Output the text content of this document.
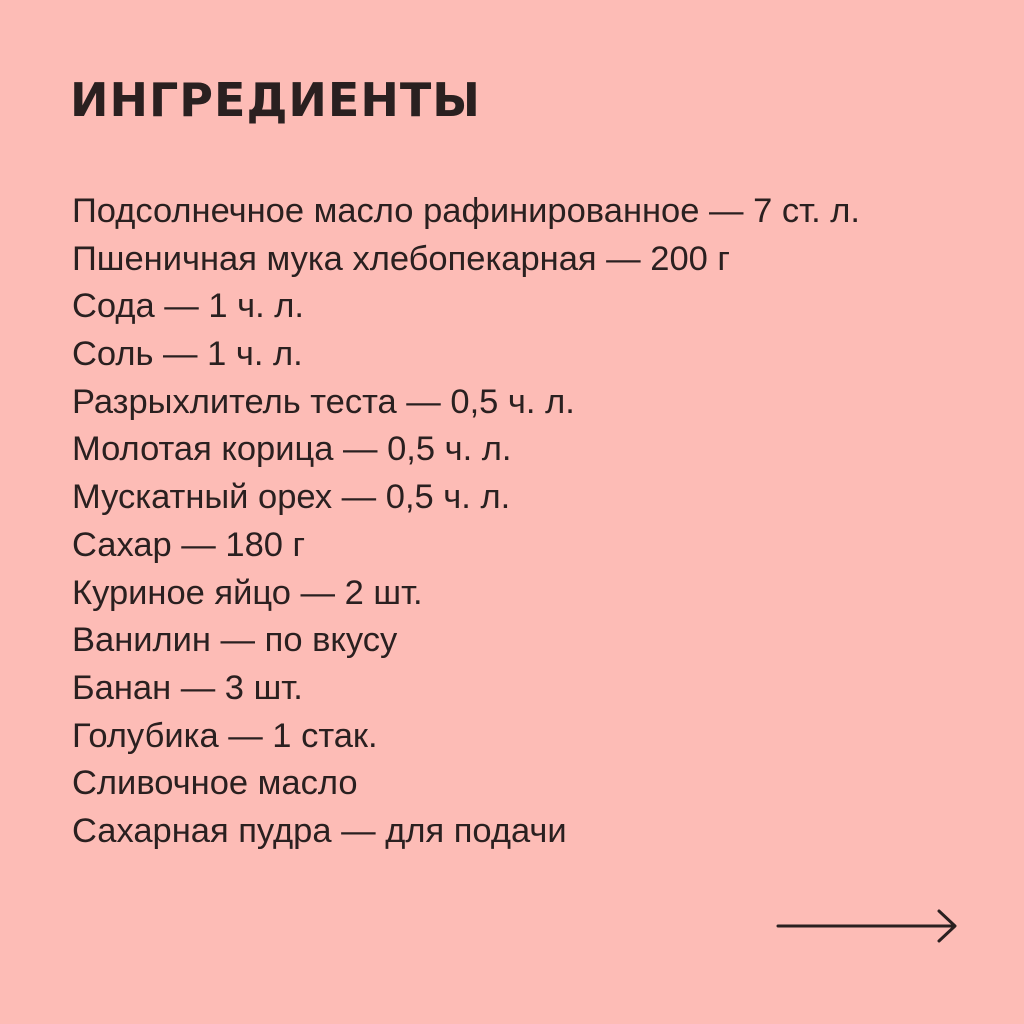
ИНГРЕДИЕНТЫ
Подсолнечное масло рафинированное — 7 ст. л.
Пшеничная мука хлебопекарная — 200 г
Сода — 1 ч. л.
Соль — 1 ч. л.
Разрыхлитель теста — 0,5 ч. л.
Молотая корица — 0,5 ч. л.
Мускатный орех — 0,5 ч. л.
Сахар — 180 г
Куриное яйцо — 2 шт.
Ванилин — по вкусу
Банан — 3 шт.
Голубика — 1 стак.
Сливочное масло
Сахарная пудра — для подачи
